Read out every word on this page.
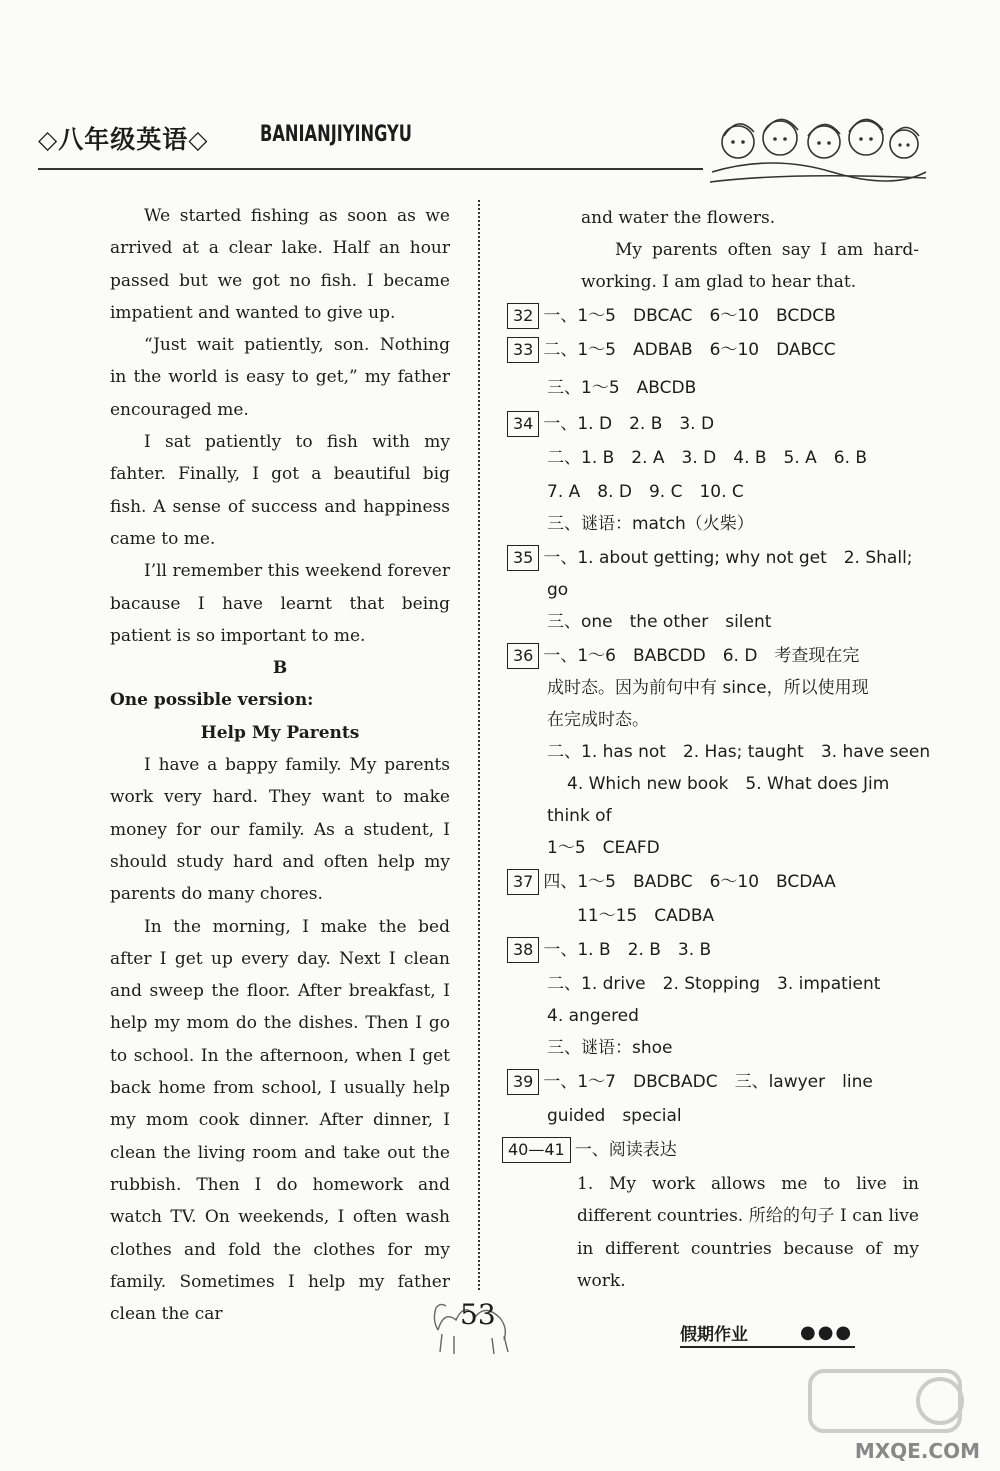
◇八年级英语◇ BANIANJIYINGYU

We started fishing as soon as we arrived at a clear lake. Half an hour passed but we got no fish. I became impatient and wanted to give up.

“Just wait patiently, son. Nothing in the world is easy to get,” my father encouraged me.

I sat patiently to fish with my fahter. Finally, I got a beautiful big fish. A sense of success and happiness came to me.

I’ll remember this weekend forever bacause I have learnt that being patient is so important to me.

B

One possible version:

Help My Parents

I have a bappy family. My parents work very hard. They want to make money for our family. As a student, I should study hard and often help my parents do many chores.

In the morning, I make the bed after I get up every day. Next I clean and sweep the floor. After breakfast, I help my mom do the dishes. Then I go to school. In the afternoon, when I get back home from school, I usually help my mom cook dinner. After dinner, I clean the living room and take out the rubbish. Then I do homework and watch TV. On weekends, I often wash clothes and fold the clothes for my family. Sometimes I help my father clean the car

and water the flowers.
My parents often say I am hard-working. I am glad to hear that.
32 一、1～5　DBCAC　6～10　BCDCB
33 二、1～5　ADBAB　6～10　DABCC
三、1～5　ABCDB
34 一、1. D　2. B　3. D
二、1. B　2. A　3. D　4. B　5. A　6. B
7. A　8. D　9. C　10. C
三、谜语：match（火柴）
35 一、1. about getting; why not get　2. Shall;
go
三、one　the other　silent
36 一、1～6　BABCDD　6. D　考查现在完
成时态。因为前句中有 since，所以使用现
在完成时态。
二、1. has not　2. Has; taught　3. have seen
4. Which new book　5. What does Jim
think of
1～5　CEAFD
37 四、1～5　BADBC　6～10　BCDAA
11～15　CADBA
38 一、1. B　2. B　3. B
二、1. drive　2. Stopping　3. impatient
4. angered
三、谜语：shoe
39 一、1～7　DBCBADC　三、lawyer　line
guided　special
40—41 一、阅读表达
1. My work allows me to live in different countries. 所给的句子 I can live in different countries because of my work.
53
假期作业	●●●
MXQE.COM
